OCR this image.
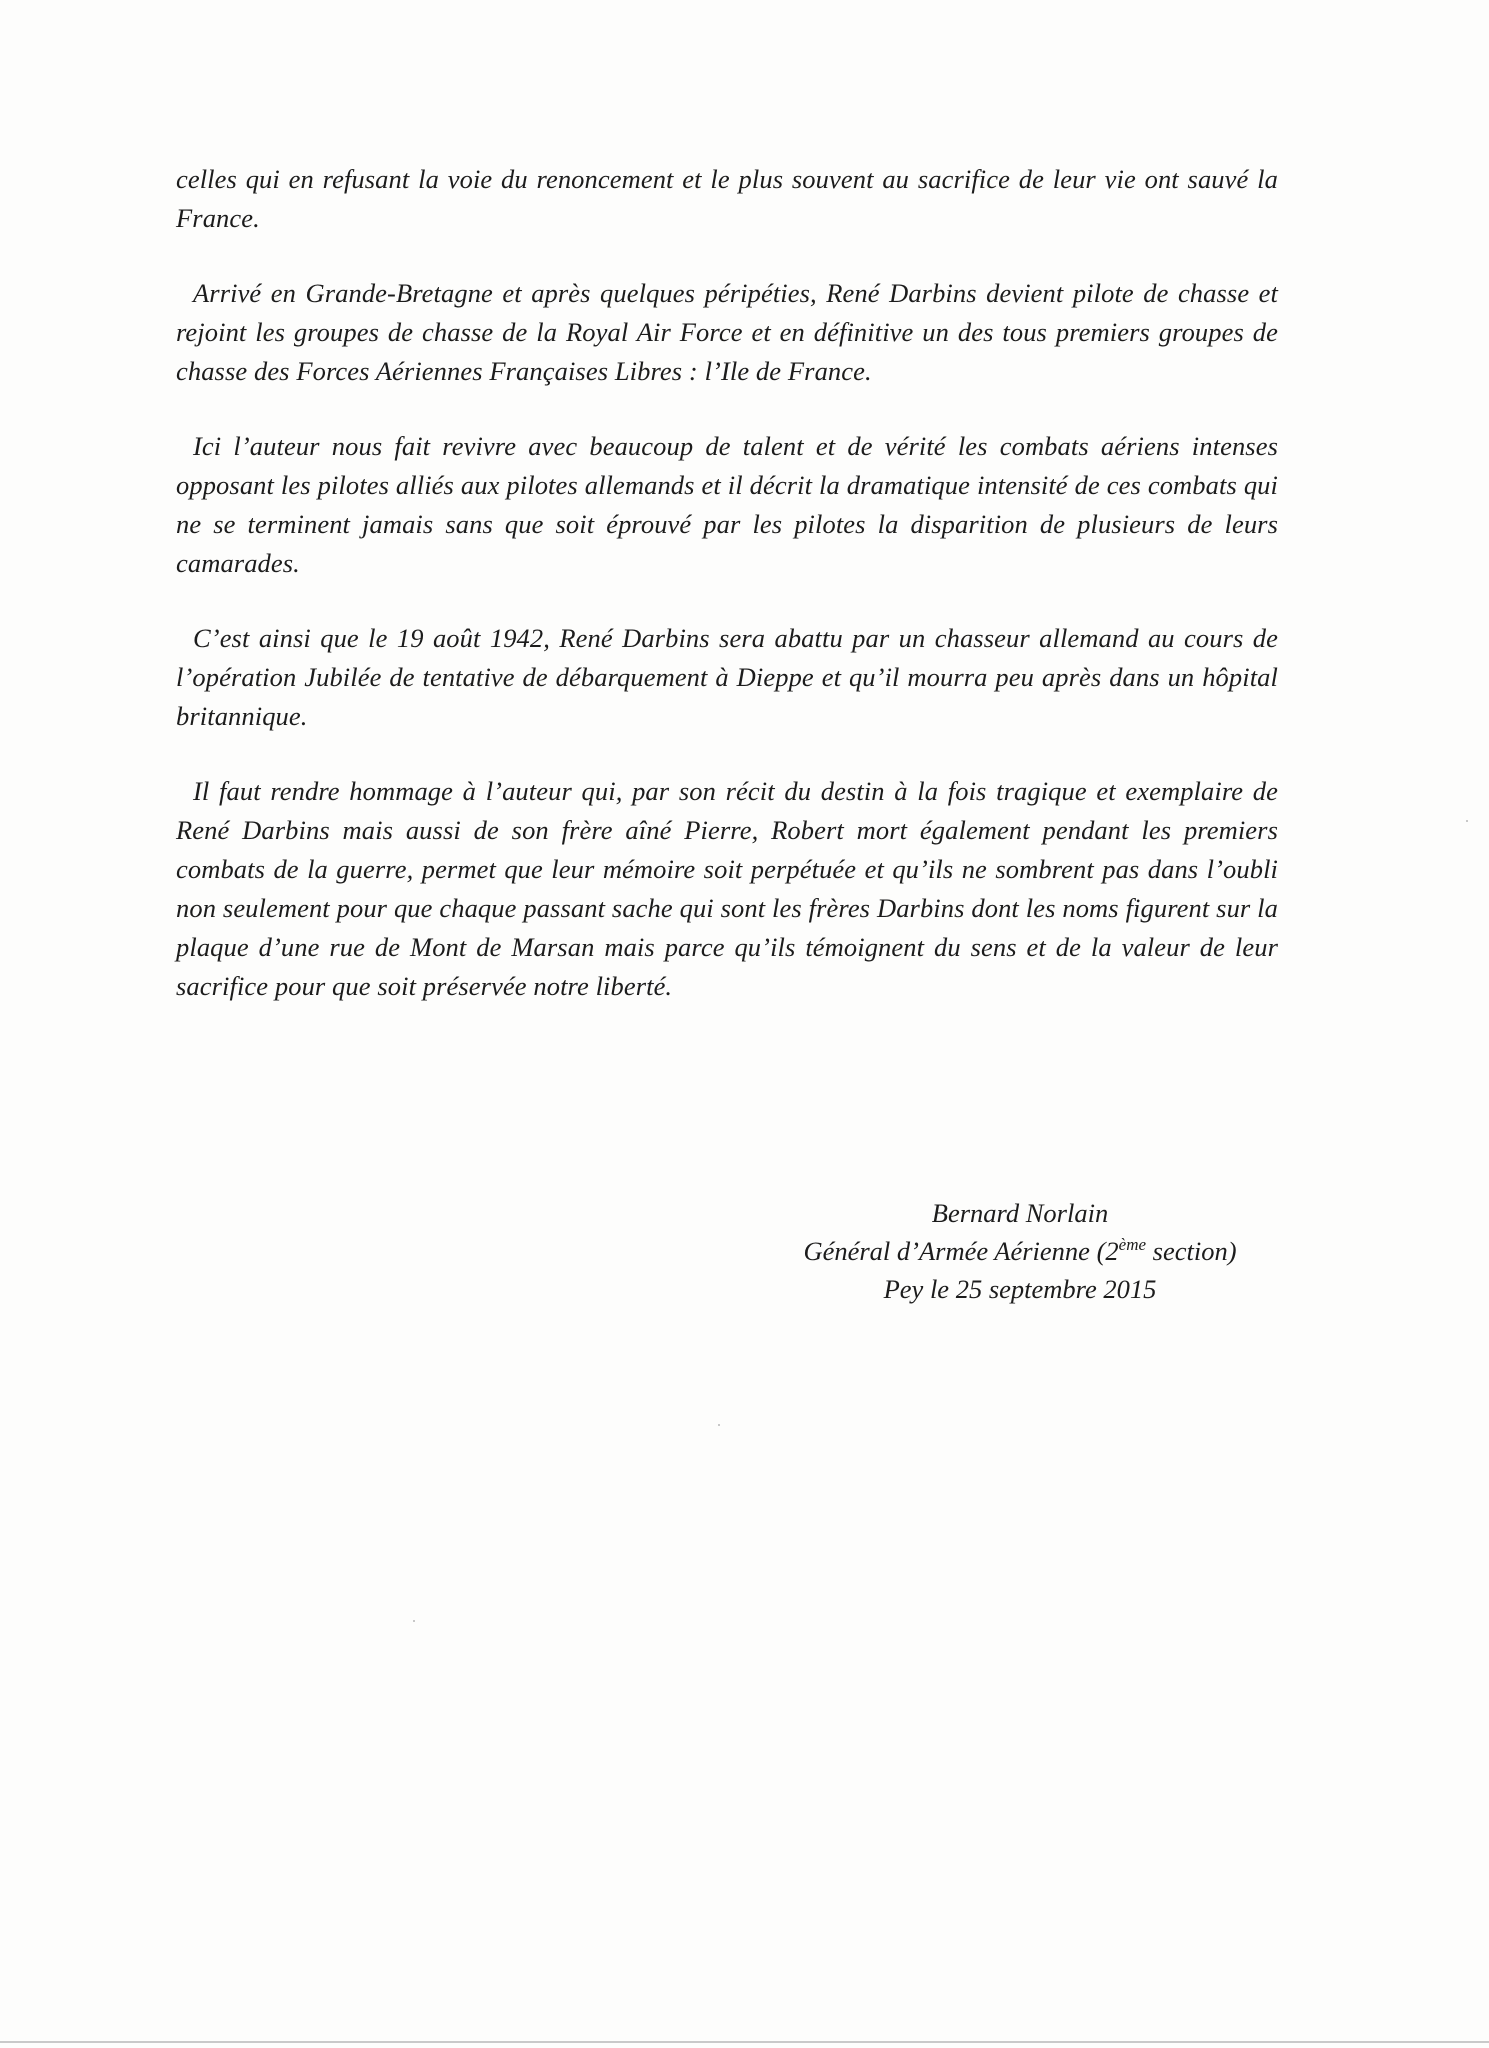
celles qui en refusant la voie du renoncement et le plus souvent au sacrifice de leur vie ont sauvé la France.

Arrivé en Grande-Bretagne et après quelques péripéties, René Darbins devient pilote de chasse et rejoint les groupes de chasse de la Royal Air Force et en définitive un des tous premiers groupes de chasse des Forces Aériennes Françaises Libres : l’Ile de France.

Ici l’auteur nous fait revivre avec beaucoup de talent et de vérité les combats aériens intenses opposant les pilotes alliés aux pilotes allemands et il décrit la dramatique intensité de ces combats qui ne se terminent jamais sans que soit éprouvé par les pilotes la disparition de plusieurs de leurs camarades.

C’est ainsi que le 19 août 1942, René Darbins sera abattu par un chasseur allemand au cours de l’opération Jubilée de tentative de débarquement à Dieppe et qu’il mourra peu après dans un hôpital britannique.

Il faut rendre hommage à l’auteur qui, par son récit du destin à la fois tragique et exemplaire de René Darbins mais aussi de son frère aîné Pierre, Robert mort également pendant les premiers combats de la guerre, permet que leur mémoire soit perpétuée et qu’ils ne sombrent pas dans l’oubli non seulement pour que chaque passant sache qui sont les frères Darbins dont les noms figurent sur la plaque d’une rue de Mont de Marsan mais parce qu’ils témoignent du sens et de la valeur de leur sacrifice pour que soit préservée notre liberté.

Bernard Norlain
Général d’Armée Aérienne (2ème section)
Pey le 25 septembre 2015
